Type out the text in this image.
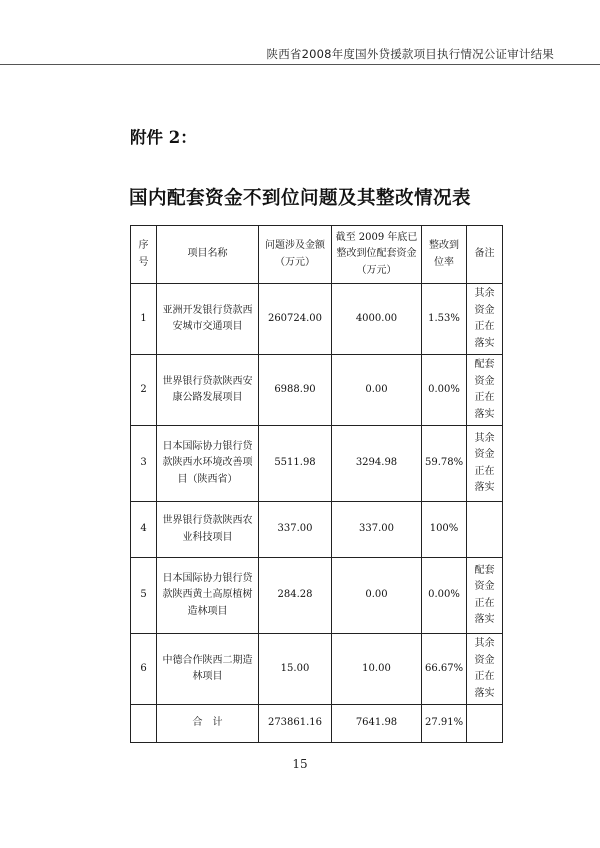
陕西省2008年度国外贷援款项目执行情况公证审计结果
附件 2：
国内配套资金不到位问题及其整改情况表
序号	项目名称	问题涉及金额（万元）	截至 2009 年底已整改到位配套资金（万元）	整改到位率	备注
1	亚洲开发银行贷款西安城市交通项目	260724.00	4000.00	1.53%	其余资金正在落实
2	世界银行贷款陕西安康公路发展项目	6988.90	0.00	0.00%	配套资金正在落实
3	日本国际协力银行贷款陕西水环境改善项目（陕西省）	5511.98	3294.98	59.78%	其余资金正在落实
4	世界银行贷款陕西农业科技项目	337.00	337.00	100%	
5	日本国际协力银行贷款陕西黄土高原植树造林项目	284.28	0.00	0.00%	配套资金正在落实
6	中德合作陕西二期造林项目	15.00	10.00	66.67%	其余资金正在落实
	合　计	273861.16	7641.98	27.91%	
15
